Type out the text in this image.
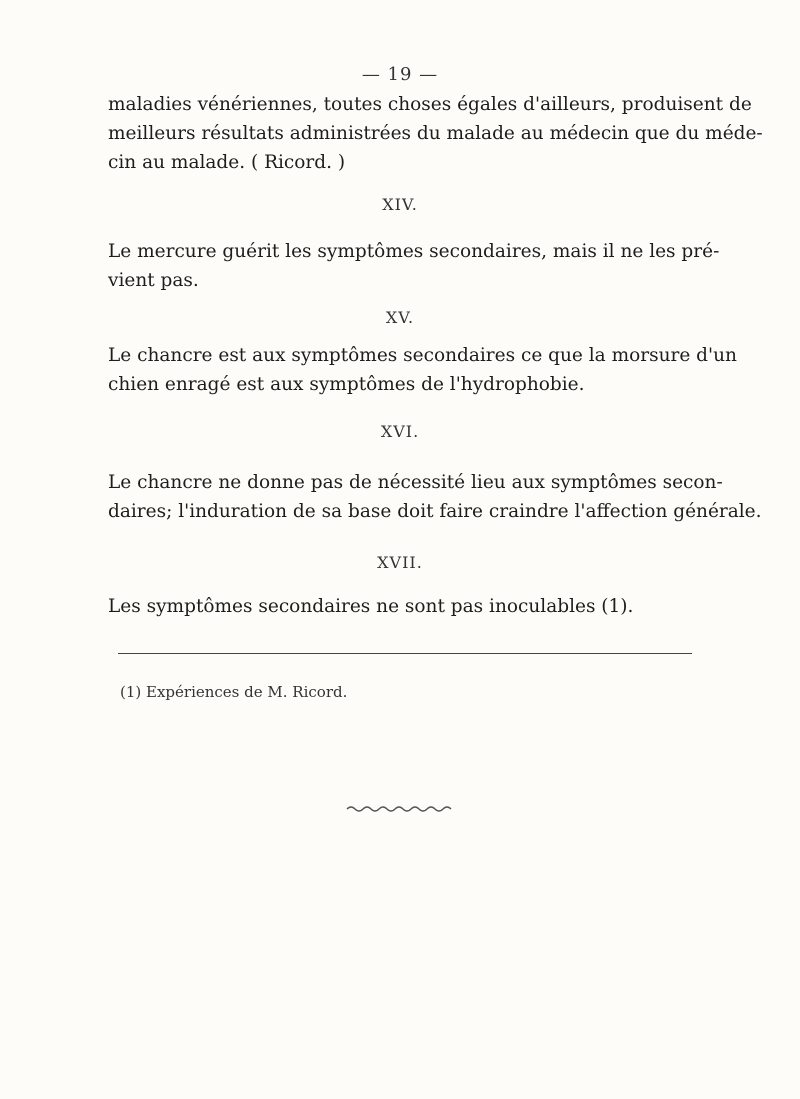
— 19 —
maladies vénériennes, toutes choses égales d'ailleurs, produisent de
meilleurs résultats administrées du malade au médecin que du méde-
cin au malade. ( Ricord. )
XIV.
Le mercure guérit les symptômes secondaires, mais il ne les pré-
vient pas.
XV.
Le chancre est aux symptômes secondaires ce que la morsure d'un
chien enragé est aux symptômes de l'hydrophobie.
XVI.
Le chancre ne donne pas de nécessité lieu aux symptômes secon-
daires; l'induration de sa base doit faire craindre l'affection générale.
XVII.
Les symptômes secondaires ne sont pas inoculables (1).
(1) Expériences de M. Ricord.
